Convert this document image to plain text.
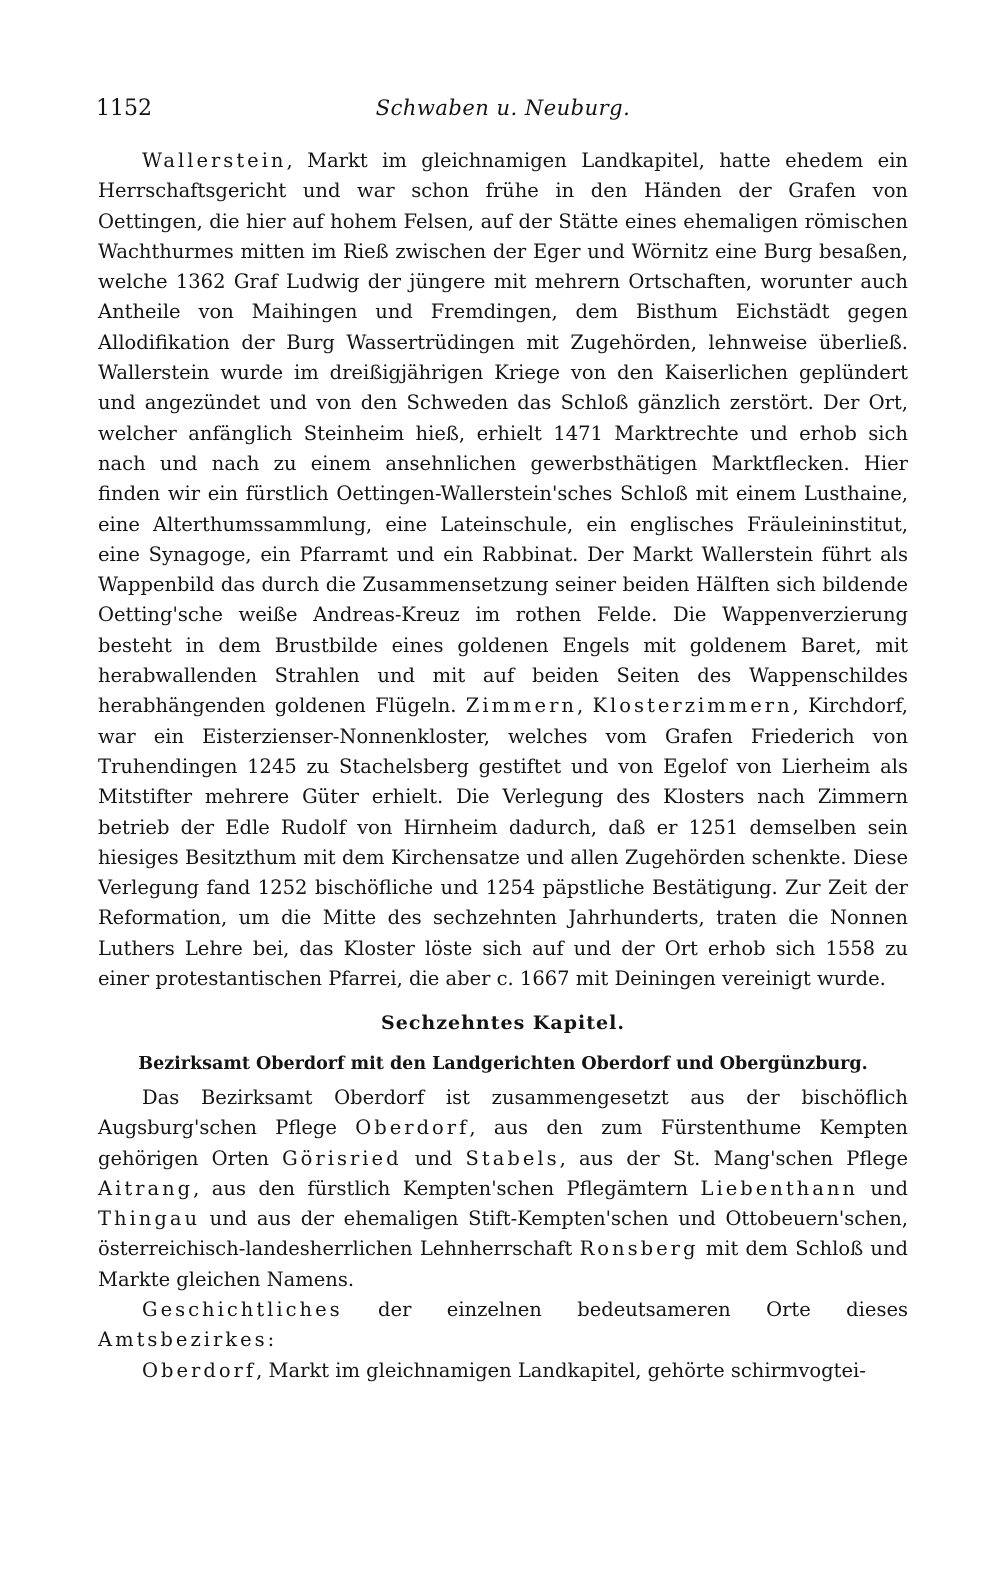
1152	Schwaben u. Neuburg.

Wallerstein, Markt im gleichnamigen Landkapitel, hatte ehedem ein Herrschaftsgericht und war schon frühe in den Händen der Grafen von Oettingen, die hier auf hohem Felsen, auf der Stätte eines ehemaligen römischen Wachthurmes mitten im Rieß zwischen der Eger und Wörnitz eine Burg besaßen, welche 1362 Graf Ludwig der jüngere mit mehrern Ortschaften, worunter auch Antheile von Maihingen und Fremdingen, dem Bisthum Eichstädt gegen Allodifikation der Burg Wassertrüdingen mit Zugehörden, lehnweise überließ. Wallerstein wurde im dreißigjährigen Kriege von den Kaiserlichen geplündert und angezündet und von den Schweden das Schloß gänzlich zerstört. Der Ort, welcher anfänglich Steinheim hieß, erhielt 1471 Marktrechte und erhob sich nach und nach zu einem ansehnlichen gewerbsthätigen Marktflecken. Hier finden wir ein fürstlich Oettingen-Wallerstein'sches Schloß mit einem Lusthaine, eine Alterthumssammlung, eine Lateinschule, ein englisches Fräuleininstitut, eine Synagoge, ein Pfarramt und ein Rabbinat. Der Markt Wallerstein führt als Wappenbild das durch die Zusammensetzung seiner beiden Hälften sich bildende Oetting'sche weiße Andreas-Kreuz im rothen Felde. Die Wappenverzierung besteht in dem Brustbilde eines goldenen Engels mit goldenem Baret, mit herabwallenden Strahlen und mit auf beiden Seiten des Wappenschildes herabhängenden goldenen Flügeln. Zimmern, Klosterzimmern, Kirchdorf, war ein Eisterzienser-Nonnenkloster, welches vom Grafen Friederich von Truhendingen 1245 zu Stachelsberg gestiftet und von Egelof von Lierheim als Mitstifter mehrere Güter erhielt. Die Verlegung des Klosters nach Zimmern betrieb der Edle Rudolf von Hirnheim dadurch, daß er 1251 demselben sein hiesiges Besitzthum mit dem Kirchensatze und allen Zugehörden schenkte. Diese Verlegung fand 1252 bischöfliche und 1254 päpstliche Bestätigung. Zur Zeit der Reformation, um die Mitte des sechzehnten Jahrhunderts, traten die Nonnen Luthers Lehre bei, das Kloster löste sich auf und der Ort erhob sich 1558 zu einer protestantischen Pfarrei, die aber c. 1667 mit Deiningen vereinigt wurde.

Sechzehntes Kapitel.
Bezirksamt Oberdorf mit den Landgerichten Oberdorf und Obergünzburg.

Das Bezirksamt Oberdorf ist zusammengesetzt aus der bischöflich Augsburg'schen Pflege Oberdorf, aus den zum Fürstenthume Kempten gehörigen Orten Görisried und Stabels, aus der St. Mang'schen Pflege Aitrang, aus den fürstlich Kempten'schen Pflegämtern Liebenthann und Thingau und aus der ehemaligen Stift-Kempten'schen und Ottobeuern'schen, österreichisch-landesherrlichen Lehnherrschaft Ronsberg mit dem Schloß und Markte gleichen Namens.

Geschichtliches der einzelnen bedeutsameren Orte dieses Amtsbezirkes:

Oberdorf, Markt im gleichnamigen Landkapitel, gehörte schirmvogtei-
